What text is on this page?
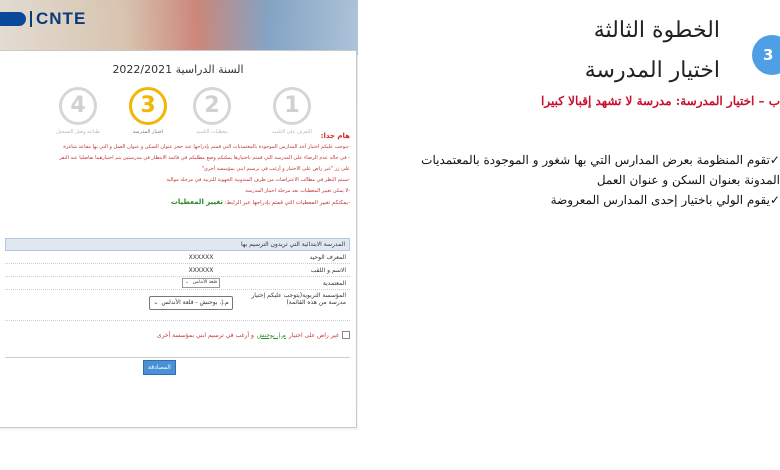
CNTE
السنة الدراسية 2022/2021
4
طباعة وصل التسجيل
3
اختيار المدرسة
2
معطيات التلميذ
1
التعرف على التلميذ	هام جدا:

-يتوجب عليكم اختيار أحد المدارس الموجودة بالمعتمديات التي قمتم بإدراجها عند حجز عنوان السكن و عنوان العمل و التي بها مقاعد شاغرة

- في حالة عدم الرضاء على المدرسة التي قمتم باختيارها يمكنكم وضع مطلبكم في قائمة الانتظار في مدرستين يتم اختيارهما تفاضليا عند النقر

على زر "غير راض على الاختيار و أرغب في ترسيم ابني بمؤسسة أخرى"

-سيتم النظر في مطالب الاعتراضات من طرف المندوبية الجهوية للتربية في مرحلة موالية

-لا يمكن تغيير المعطيات بعد مرحلة اختيار المدرسة

-يمكنكم تغيير المعطيات التي قمتم بإدراجها عبر الرابط: تغيير المعطيات

المدرسة الابتدائية التي تريدون الترسيم بها
المعرف الوحيد
XXXXXX
الاسم و اللقب
XXXXXX
المعتمدية
قلعة الأندلس
⌄
المؤسسة التربوية(يتوجب عليكم إختيار مدرسة من هذه القائمة)
م.إ. بوحنش - قلعة الأندلس
⌄
غير راض على اختيار
م.إ. بوحنش
و أرغب في ترسيم ابني بمؤسسة أخرى
المصادقة
3
الخطوة الثالثة
اختيار المدرسة
ب – اختيار المدرسة: مدرسة لا تشهد إقبالا كبيرا
✓تقوم المنظومة بعرض المدارس التي بها شغور و الموجودة بالمعتمديات
المدونة بعنوان السكن و عنوان العمل
✓يقوم الولي باختيار إحدى المدارس المعروضة
